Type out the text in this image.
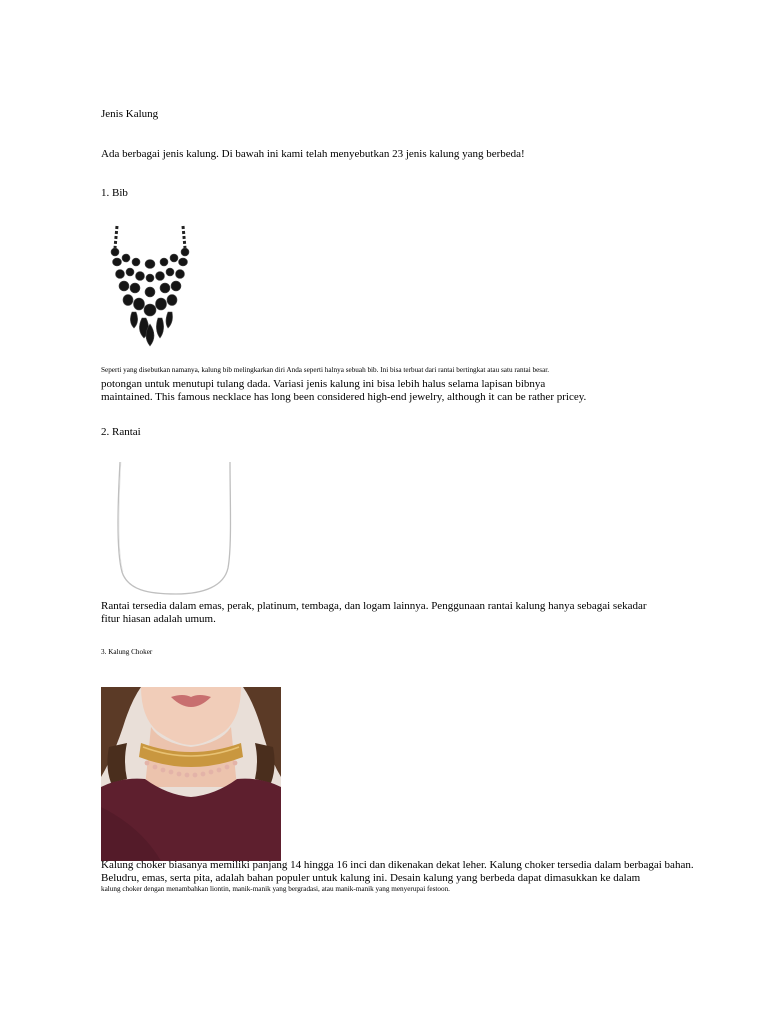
Jenis Kalung
Ada berbagai jenis kalung. Di bawah ini kami telah menyebutkan 23 jenis kalung yang berbeda!
1. Bib
Seperti yang disebutkan namanya, kalung bib melingkarkan diri Anda seperti halnya sebuah bib. Ini bisa terbuat dari rantai bertingkat atau satu rantai besar.
potongan untuk menutupi tulang dada. Variasi jenis kalung ini bisa lebih halus selama lapisan bibnya
maintained. This famous necklace has long been considered high-end jewelry, although it can be rather pricey.
2. Rantai
Rantai tersedia dalam emas, perak, platinum, tembaga, dan logam lainnya. Penggunaan rantai kalung hanya sebagai sekadar
fitur hiasan adalah umum.
3. Kalung Choker
Kalung choker biasanya memiliki panjang 14 hingga 16 inci dan dikenakan dekat leher. Kalung choker tersedia dalam berbagai bahan.
Beludru, emas, serta pita, adalah bahan populer untuk kalung ini. Desain kalung yang berbeda dapat dimasukkan ke dalam
kalung choker dengan menambahkan liontin, manik-manik yang bergradasi, atau manik-manik yang menyerupai festoon.
